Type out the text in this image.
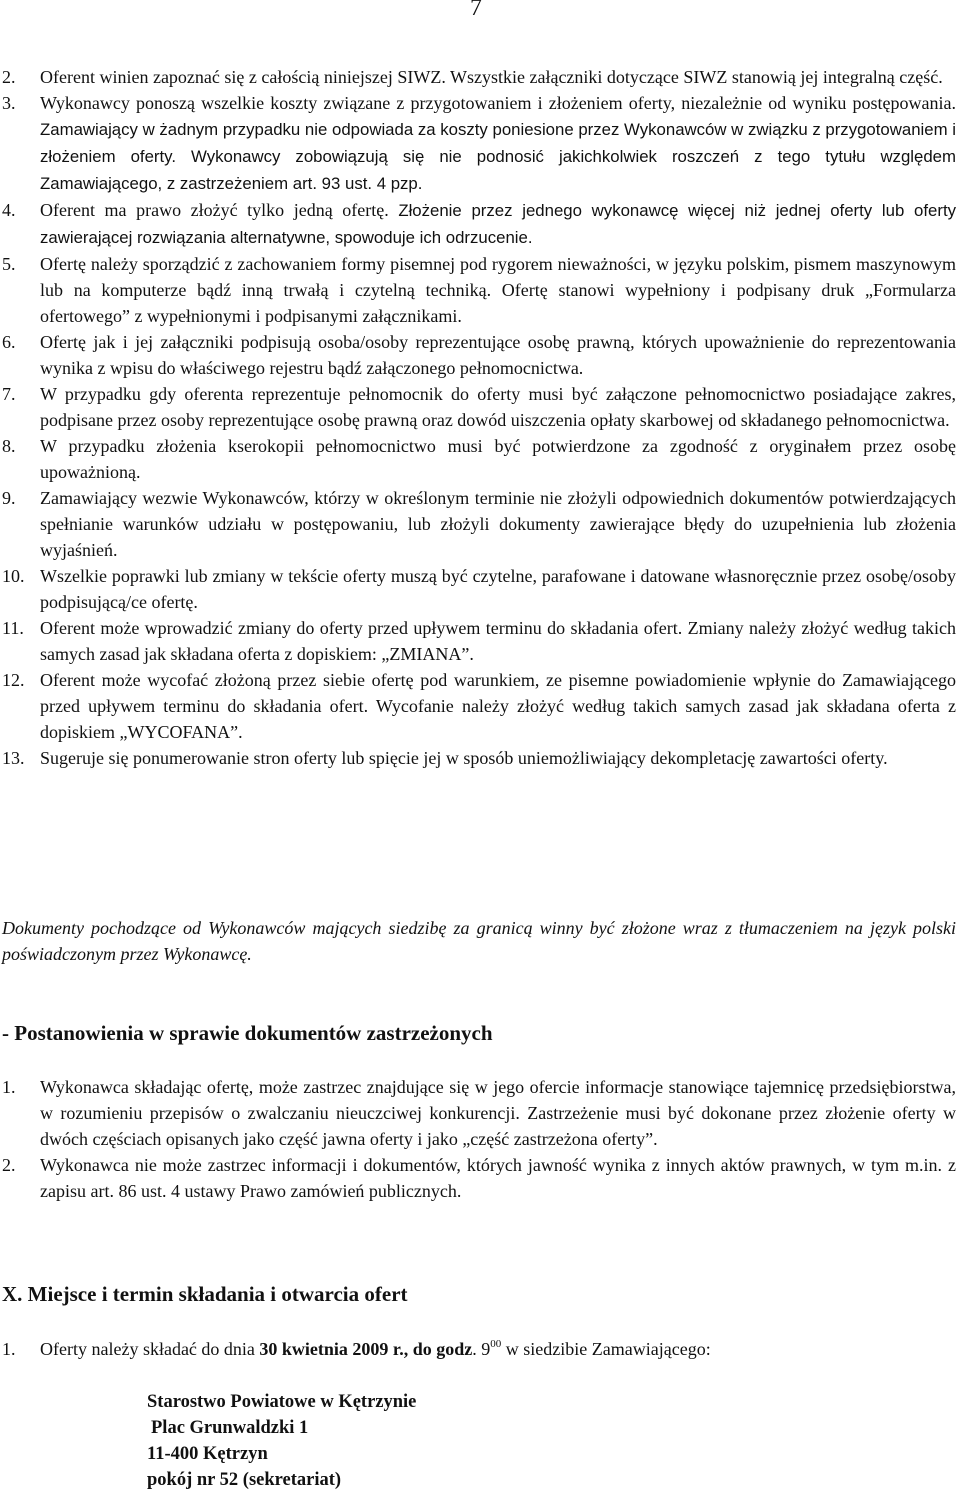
7
2. Oferent winien zapoznać się z całością niniejszej SIWZ. Wszystkie załączniki dotyczące SIWZ stanowią jej integralną część.
3. Wykonawcy ponoszą wszelkie koszty związane z przygotowaniem i złożeniem oferty, niezależnie od wyniku postępowania. Zamawiający w żadnym przypadku nie odpowiada za koszty poniesione przez Wykonawców w związku z przygotowaniem i złożeniem oferty. Wykonawcy zobowiązują się nie podnosić jakichkolwiek roszczeń z tego tytułu względem Zamawiającego, z zastrzeżeniem art. 93 ust. 4 pzp.
4. Oferent ma prawo złożyć tylko jedną ofertę. Złożenie przez jednego wykonawcę więcej niż jednej oferty lub oferty zawierającej rozwiązania alternatywne, spowoduje ich odrzucenie.
5. Ofertę należy sporządzić z zachowaniem formy pisemnej pod rygorem nieważności, w języku polskim, pismem maszynowym lub na komputerze bądź inną trwałą i czytelną techniką. Ofertę stanowi wypełniony i podpisany druk „Formularza ofertowego” z wypełnionymi i podpisanymi załącznikami.
6. Ofertę jak i jej załączniki podpisują osoba/osoby reprezentujące osobę prawną, których upoważnienie do reprezentowania wynika z wpisu do właściwego rejestru bądź załączonego pełnomocnictwa.
7. W przypadku gdy oferenta reprezentuje pełnomocnik do oferty musi być załączone pełnomocnictwo posiadające zakres, podpisane przez osoby reprezentujące osobę prawną oraz dowód uiszczenia opłaty skarbowej od składanego pełnomocnictwa.
8. W przypadku złożenia kserokopii pełnomocnictwo musi być potwierdzone za zgodność z oryginałem przez osobę upoważnioną.
9. Zamawiający wezwie Wykonawców, którzy w określonym terminie nie złożyli odpowiednich dokumentów potwierdzających spełnianie warunków udziału w postępowaniu, lub złożyli dokumenty zawierające błędy do uzupełnienia lub złożenia wyjaśnień.
10. Wszelkie poprawki lub zmiany w tekście oferty muszą być czytelne, parafowane i datowane własnoręcznie przez osobę/osoby podpisującą/ce ofertę.
11. Oferent może wprowadzić zmiany do oferty przed upływem terminu do składania ofert. Zmiany należy złożyć według takich samych zasad jak składana oferta z dopiskiem: „ZMIANA”.
12. Oferent może wycofać złożoną przez siebie ofertę pod warunkiem, ze pisemne powiadomienie wpłynie do Zamawiającego przed upływem terminu do składania ofert. Wycofanie należy złożyć według takich samych zasad jak składana oferta z dopiskiem „WYCOFANA”.
13. Sugeruje się ponumerowanie stron oferty lub spięcie jej w sposób uniemożliwiający dekompletację zawartości oferty.
Dokumenty pochodzące od Wykonawców mających siedzibę za granicą winny być złożone wraz z tłumaczeniem na język polski poświadczonym przez Wykonawcę.
- Postanowienia w sprawie dokumentów zastrzeżonych
1. Wykonawca składając ofertę, może zastrzec znajdujące się w jego ofercie informacje stanowiące tajemnicę przedsiębiorstwa, w rozumieniu przepisów o zwalczaniu nieuczciwej konkurencji. Zastrzeżenie musi być dokonane przez złożenie oferty w dwóch częściach opisanych jako część jawna oferty i jako „część zastrzeżona oferty”.
2. Wykonawca nie może zastrzec informacji i dokumentów, których jawność wynika z innych aktów prawnych, w tym m.in. z zapisu art. 86 ust. 4 ustawy Prawo zamówień publicznych.
X. Miejsce i termin składania i otwarcia ofert
1. Oferty należy składać do dnia 30 kwietnia 2009 r., do godz. $9^{00}$ w siedzibie Zamawiającego:
Starostwo Powiatowe w Kętrzynie
Plac Grunwaldzki 1
11-400 Kętrzyn
pokój nr 52 (sekretariat)
